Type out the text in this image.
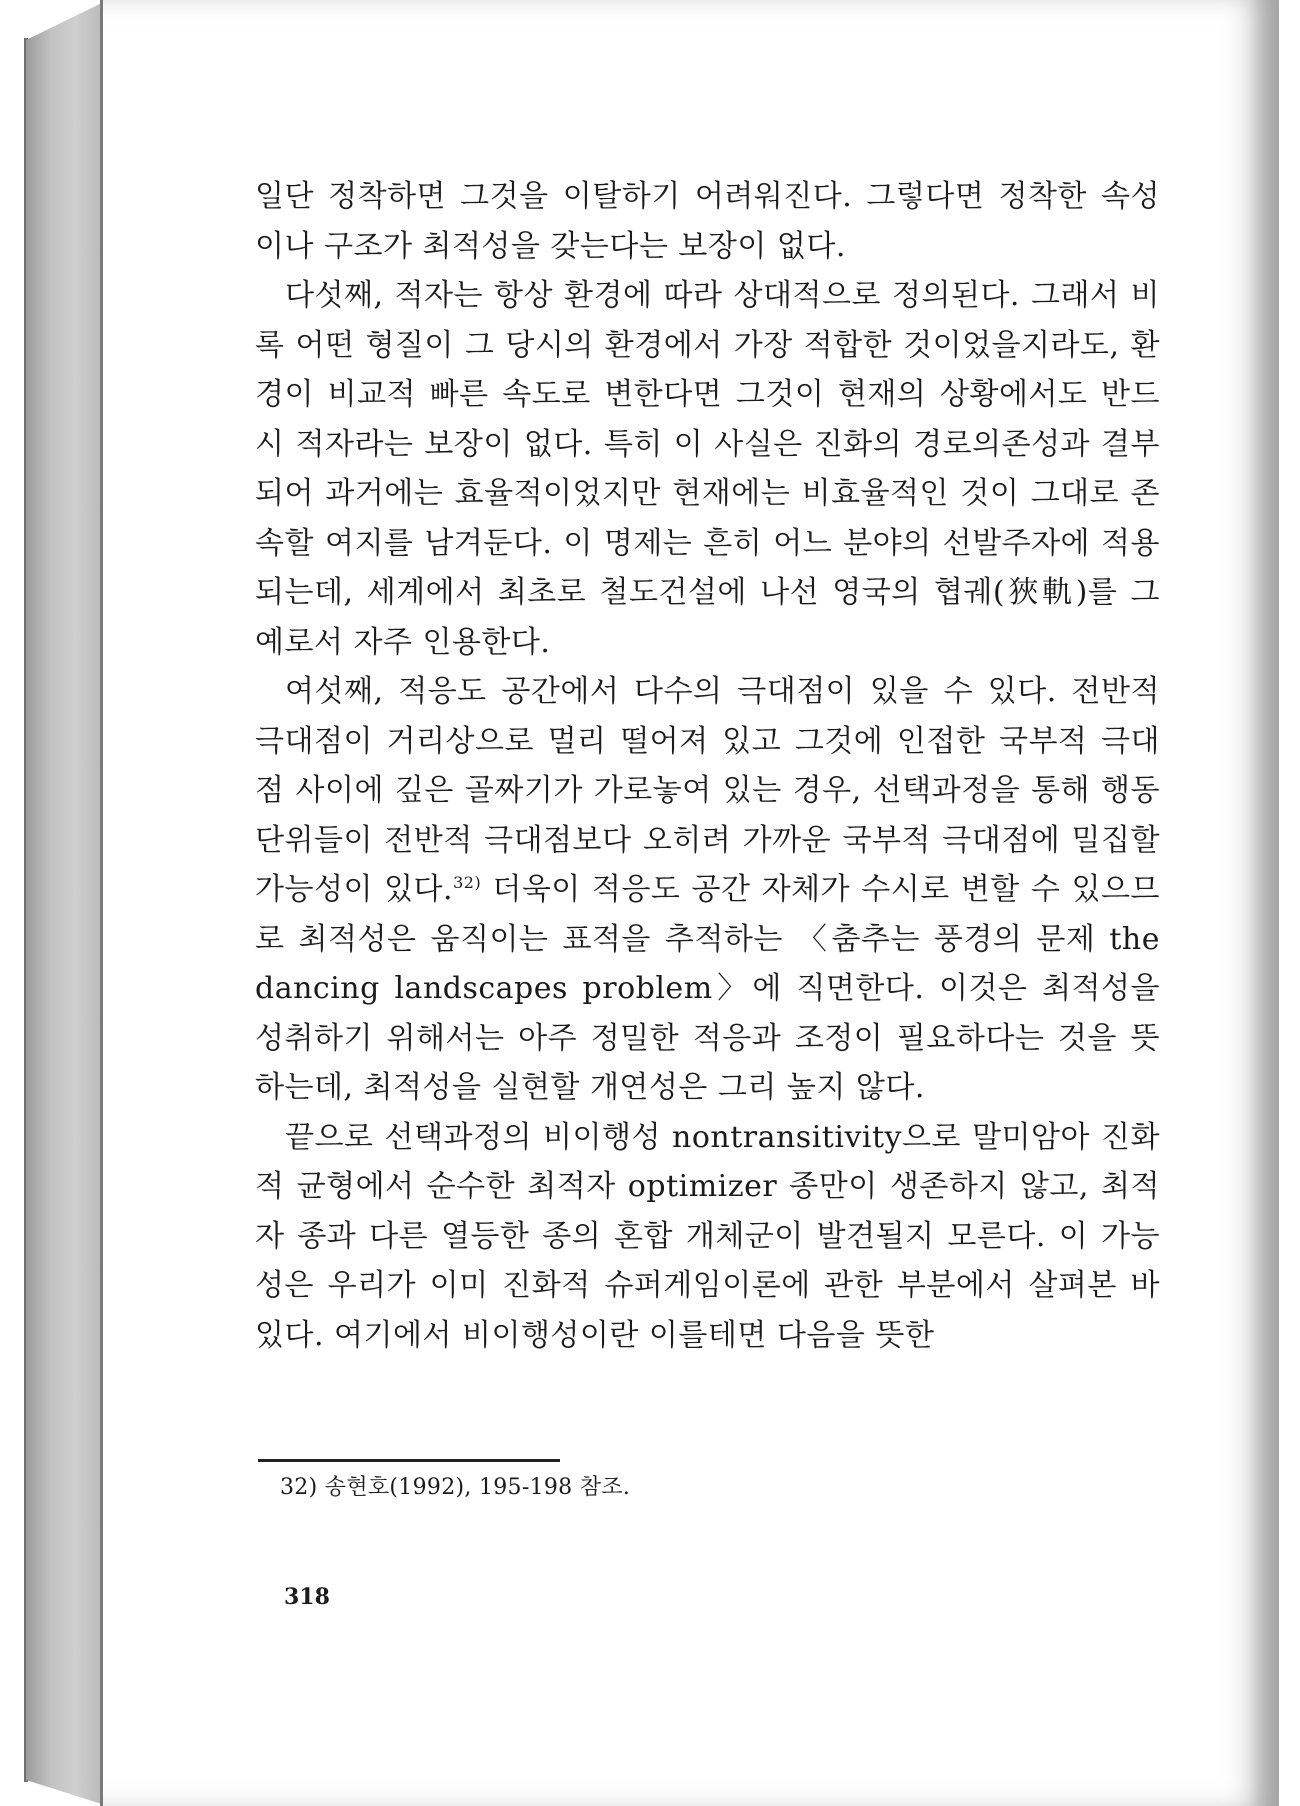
일단 정착하면 그것을 이탈하기 어려워진다. 그렇다면 정착한 속성이나 구조가 최적성을 갖는다는 보장이 없다.

다섯째, 적자는 항상 환경에 따라 상대적으로 정의된다. 그래서 비록 어떤 형질이 그 당시의 환경에서 가장 적합한 것이었을지라도, 환경이 비교적 빠른 속도로 변한다면 그것이 현재의 상황에서도 반드시 적자라는 보장이 없다. 특히 이 사실은 진화의 경로의존성과 결부되어 과거에는 효율적이었지만 현재에는 비효율적인 것이 그대로 존속할 여지를 남겨둔다. 이 명제는 흔히 어느 분야의 선발주자에 적용되는데, 세계에서 최초로 철도건설에 나선 영국의 협궤(狹軌)를 그 예로서 자주 인용한다.

여섯째, 적응도 공간에서 다수의 극대점이 있을 수 있다. 전반적 극대점이 거리상으로 멀리 떨어져 있고 그것에 인접한 국부적 극대점 사이에 깊은 골짜기가 가로놓여 있는 경우, 선택과정을 통해 행동단위들이 전반적 극대점보다 오히려 가까운 국부적 극대점에 밀집할 가능성이 있다.$^{32)}$ 더욱이 적응도 공간 자체가 수시로 변할 수 있으므로 최적성은 움직이는 표적을 추적하는 〈춤추는 풍경의 문제 the dancing landscapes problem〉에 직면한다. 이것은 최적성을 성취하기 위해서는 아주 정밀한 적응과 조정이 필요하다는 것을 뜻하는데, 최적성을 실현할 개연성은 그리 높지 않다.

끝으로 선택과정의 비이행성 nontransitivity으로 말미암아 진화적 균형에서 순수한 최적자 optimizer 종만이 생존하지 않고, 최적자 종과 다른 열등한 종의 혼합 개체군이 발견될지 모른다. 이 가능성은 우리가 이미 진화적 슈퍼게임이론에 관한 부분에서 살펴본 바 있다. 여기에서 비이행성이란 이를테면 다음을 뜻한

32) 송현호(1992), 195-198 참조.
318
